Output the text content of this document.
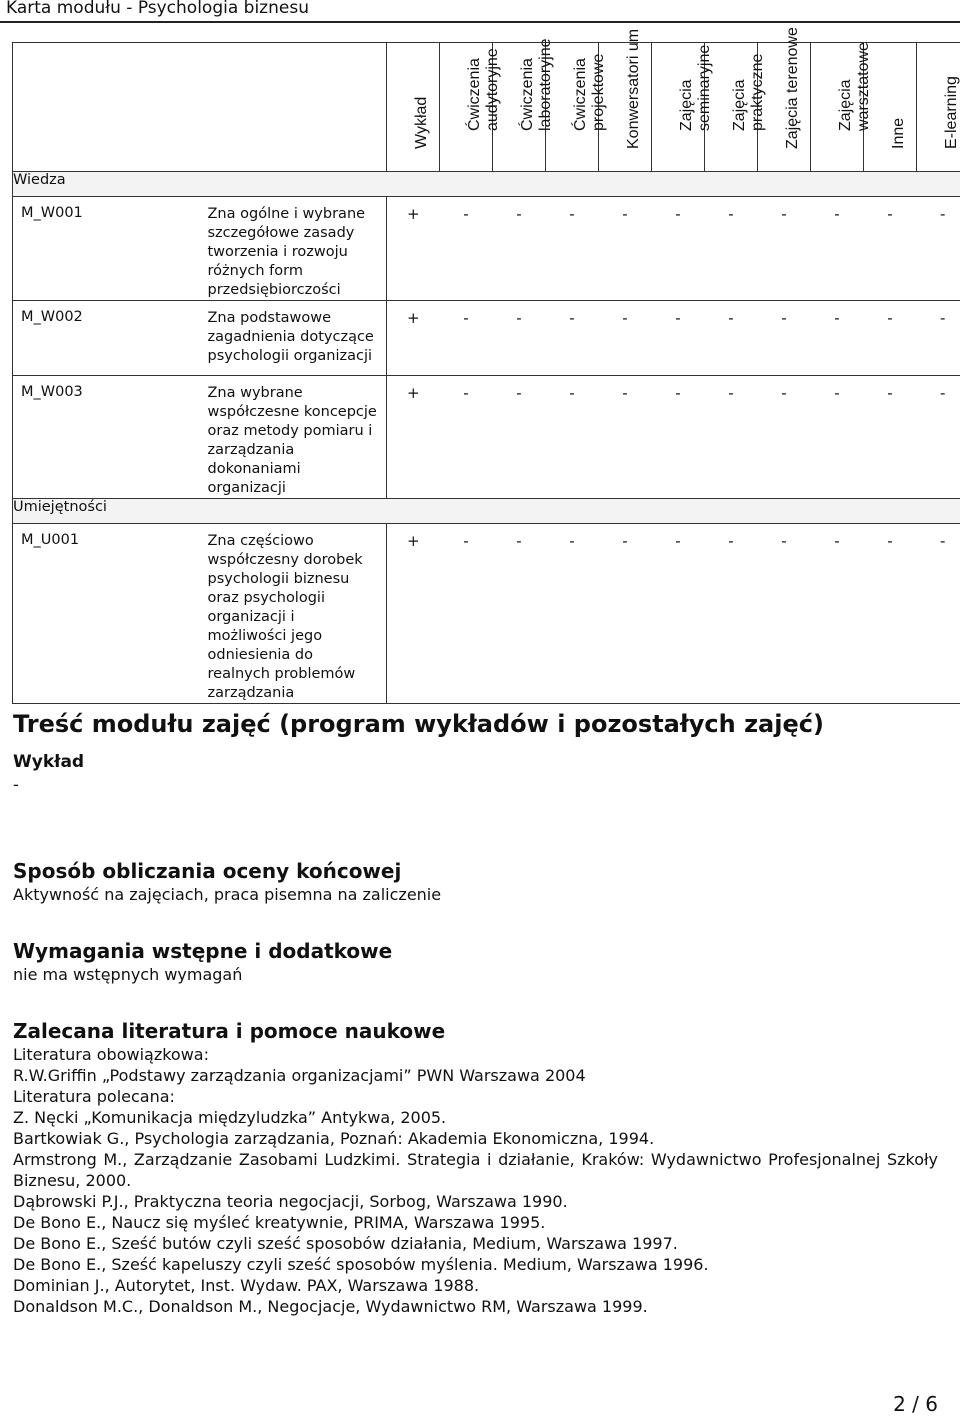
Karta modułu - Psychologia biznesu

		Wykład	Ćwiczenia audytoryjne	Ćwiczenia laboratoryjne	Ćwiczenia projektowe	Konwersatori um	Zajęcia seminaryjne	Zajęcia praktyczne	Zajęcia terenowe	Zajęcia warsztatowe	Inne	E-learning

Wiedza												
M_W001	Zna ogólne i wybrane szczegółowe zasady tworzenia i rozwoju różnych form przedsiębiorczości	+	-	-	-	-	-	-	-	-	-	-
M_W002	Zna podstawowe zagadnienia dotyczące psychologii organizacji	+	-	-	-	-	-	-	-	-	-	-
M_W003	Zna wybrane współczesne koncepcje oraz metody pomiaru i zarządzania dokonaniami organizacji	+	-	-	-	-	-	-	-	-	-	-
Umiejętności												
M_U001	Zna częściowo współczesny dorobek psychologii biznesu oraz psychologii organizacji i możliwości jego odniesienia do realnych problemów zarządzania	+	-	-	-	-	-	-	-	-	-	-
Treść modułu zajęć (program wykładów i pozostałych zajęć)
Wykład

-

Sposób obliczania oceny końcowej

Aktywność na zajęciach, praca pisemna na zaliczenie

Wymagania wstępne i dodatkowe

nie ma wstępnych wymagań

Zalecana literatura i pomoce naukowe

Literatura obowiązkowa:

R.W.Griffin „Podstawy zarządzania organizacjami” PWN Warszawa 2004

Literatura polecana:

Z. Nęcki „Komunikacja międzyludzka” Antykwa, 2005.

Bartkowiak G., Psychologia zarządzania, Poznań: Akademia Ekonomiczna, 1994.

Armstrong M., Zarządzanie Zasobami Ludzkimi. Strategia i działanie, Kraków: Wydawnictwo Profesjonalnej Szkoły Biznesu, 2000.

Dąbrowski P.J., Praktyczna teoria negocjacji, Sorbog, Warszawa 1990.

De Bono E., Naucz się myśleć kreatywnie, PRIMA, Warszawa 1995.

De Bono E., Sześć butów czyli sześć sposobów działania, Medium, Warszawa 1997.

De Bono E., Sześć kapeluszy czyli sześć sposobów myślenia. Medium, Warszawa 1996.

Dominian J., Autorytet, Inst. Wydaw. PAX, Warszawa 1988.

Donaldson M.C., Donaldson M., Negocjacje, Wydawnictwo RM, Warszawa 1999.

2 / 6
